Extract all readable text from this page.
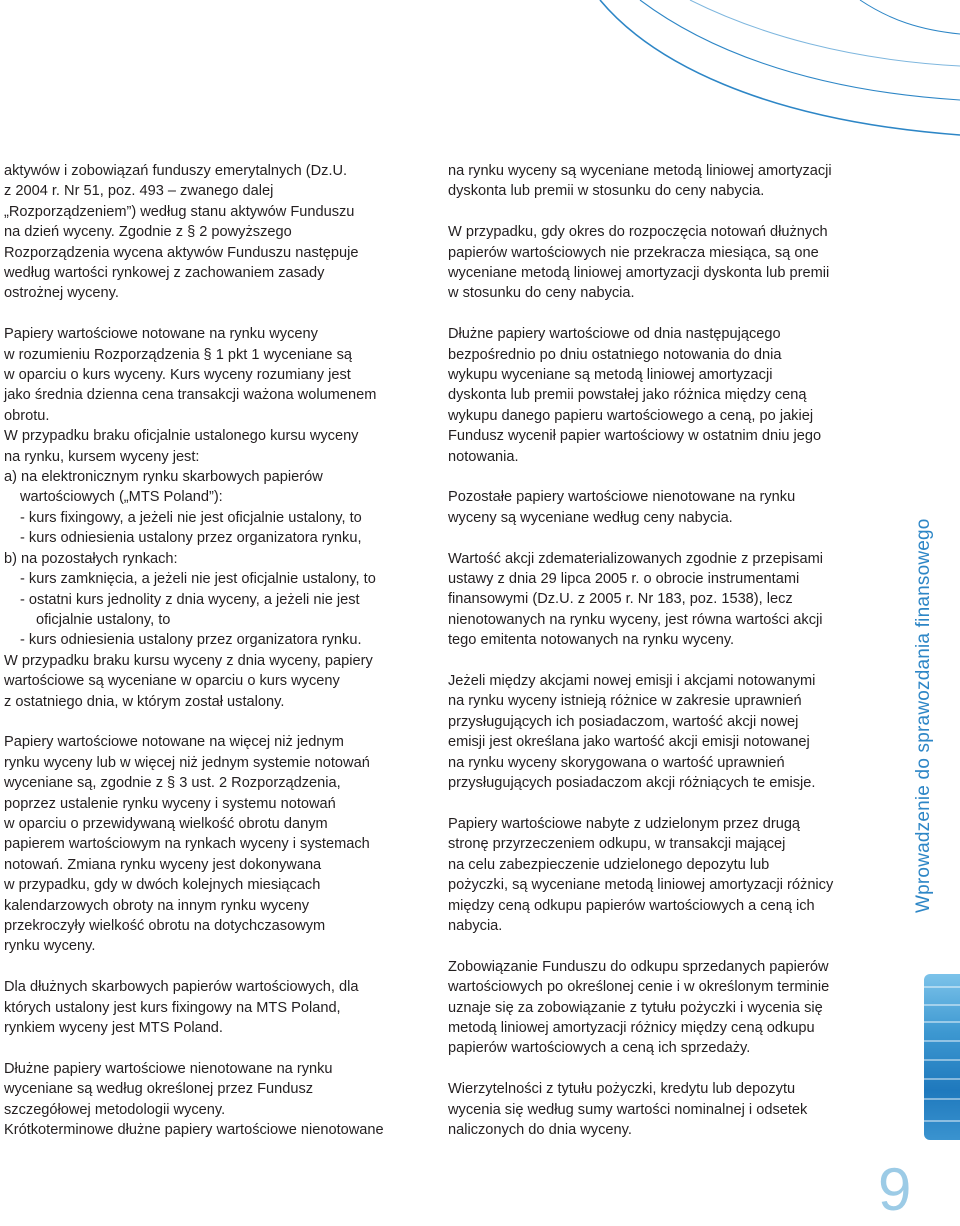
aktywów i zobowiązań funduszy emerytalnych (Dz.U.
z 2004 r. Nr 51, poz. 493 – zwanego dalej
„Rozporządzeniem”) według stanu aktywów Funduszu
na dzień wyceny. Zgodnie z § 2 powyższego
Rozporządzenia wycena aktywów Funduszu następuje
według wartości rynkowej z zachowaniem zasady
ostrożnej wyceny.

Papiery wartościowe notowane na rynku wyceny
w rozumieniu Rozporządzenia § 1 pkt 1 wyceniane są
w oparciu o kurs wyceny. Kurs wyceny rozumiany jest
jako średnia dzienna cena transakcji ważona wolumenem
obrotu.

W przypadku braku oficjalnie ustalonego kursu wyceny
na rynku, kursem wyceny jest:

a) na elektronicznym rynku skarbowych papierów
wartościowych („MTS Poland”):
- kurs fixingowy, a jeżeli nie jest oficjalnie ustalony, to
- kurs odniesienia ustalony przez organizatora rynku,
b) na pozostałych rynkach:
- kurs zamknięcia, a jeżeli nie jest oficjalnie ustalony, to
- ostatni kurs jednolity z dnia wyceny, a jeżeli nie jest
oficjalnie ustalony, to
- kurs odniesienia ustalony przez organizatora rynku.

W przypadku braku kursu wyceny z dnia wyceny, papiery
wartościowe są wyceniane w oparciu o kurs wyceny
z ostatniego dnia, w którym został ustalony.

Papiery wartościowe notowane na więcej niż jednym
rynku wyceny lub w więcej niż jednym systemie notowań
wyceniane są, zgodnie z § 3 ust. 2 Rozporządzenia,
poprzez ustalenie rynku wyceny i systemu notowań
w oparciu o przewidywaną wielkość obrotu danym
papierem wartościowym na rynkach wyceny i systemach
notowań. Zmiana rynku wyceny jest dokonywana
w przypadku, gdy w dwóch kolejnych miesiącach
kalendarzowych obroty na innym rynku wyceny
przekroczyły wielkość obrotu na dotychczasowym
rynku wyceny.

Dla dłużnych skarbowych papierów wartościowych, dla
których ustalony jest kurs fixingowy na MTS Poland,
rynkiem wyceny jest MTS Poland.

Dłużne papiery wartościowe nienotowane na rynku
wyceniane są według określonej przez Fundusz
szczegółowej metodologii wyceny.
Krótkoterminowe dłużne papiery wartościowe nienotowane

na rynku wyceny są wyceniane metodą liniowej amortyzacji
dyskonta lub premii w stosunku do ceny nabycia.

W przypadku, gdy okres do rozpoczęcia notowań dłużnych
papierów wartościowych nie przekracza miesiąca, są one
wyceniane metodą liniowej amortyzacji dyskonta lub premii
w stosunku do ceny nabycia.

Dłużne papiery wartościowe od dnia następującego
bezpośrednio po dniu ostatniego notowania do dnia
wykupu wyceniane są metodą liniowej amortyzacji
dyskonta lub premii powstałej jako różnica między ceną
wykupu danego papieru wartościowego a ceną, po jakiej
Fundusz wycenił papier wartościowy w ostatnim dniu jego
notowania.

Pozostałe papiery wartościowe nienotowane na rynku
wyceny są wyceniane według ceny nabycia.

Wartość akcji zdematerializowanych zgodnie z przepisami
ustawy z dnia 29 lipca 2005 r. o obrocie instrumentami
finansowymi (Dz.U. z 2005 r. Nr 183, poz. 1538), lecz
nienotowanych na rynku wyceny, jest równa wartości akcji
tego emitenta notowanych na rynku wyceny.

Jeżeli między akcjami nowej emisji i akcjami notowanymi
na rynku wyceny istnieją różnice w zakresie uprawnień
przysługujących ich posiadaczom, wartość akcji nowej
emisji jest określana jako wartość akcji emisji notowanej
na rynku wyceny skorygowana o wartość uprawnień
przysługujących posiadaczom akcji różniących te emisje.

Papiery wartościowe nabyte z udzielonym przez drugą
stronę przyrzeczeniem odkupu, w transakcji mającej
na celu zabezpieczenie udzielonego depozytu lub
pożyczki, są wyceniane metodą liniowej amortyzacji różnicy
między ceną odkupu papierów wartościowych a ceną ich
nabycia.

Zobowiązanie Funduszu do odkupu sprzedanych papierów
wartościowych po określonej cenie i w określonym terminie
uznaje się za zobowiązanie z tytułu pożyczki i wycenia się
metodą liniowej amortyzacji różnicy między ceną odkupu
papierów wartościowych a ceną ich sprzedaży.

Wierzytelności z tytułu pożyczki, kredytu lub depozytu
wycenia się według sumy wartości nominalnej i odsetek
naliczonych do dnia wyceny.

Wprowadzenie do sprawozdania finansowego
9
